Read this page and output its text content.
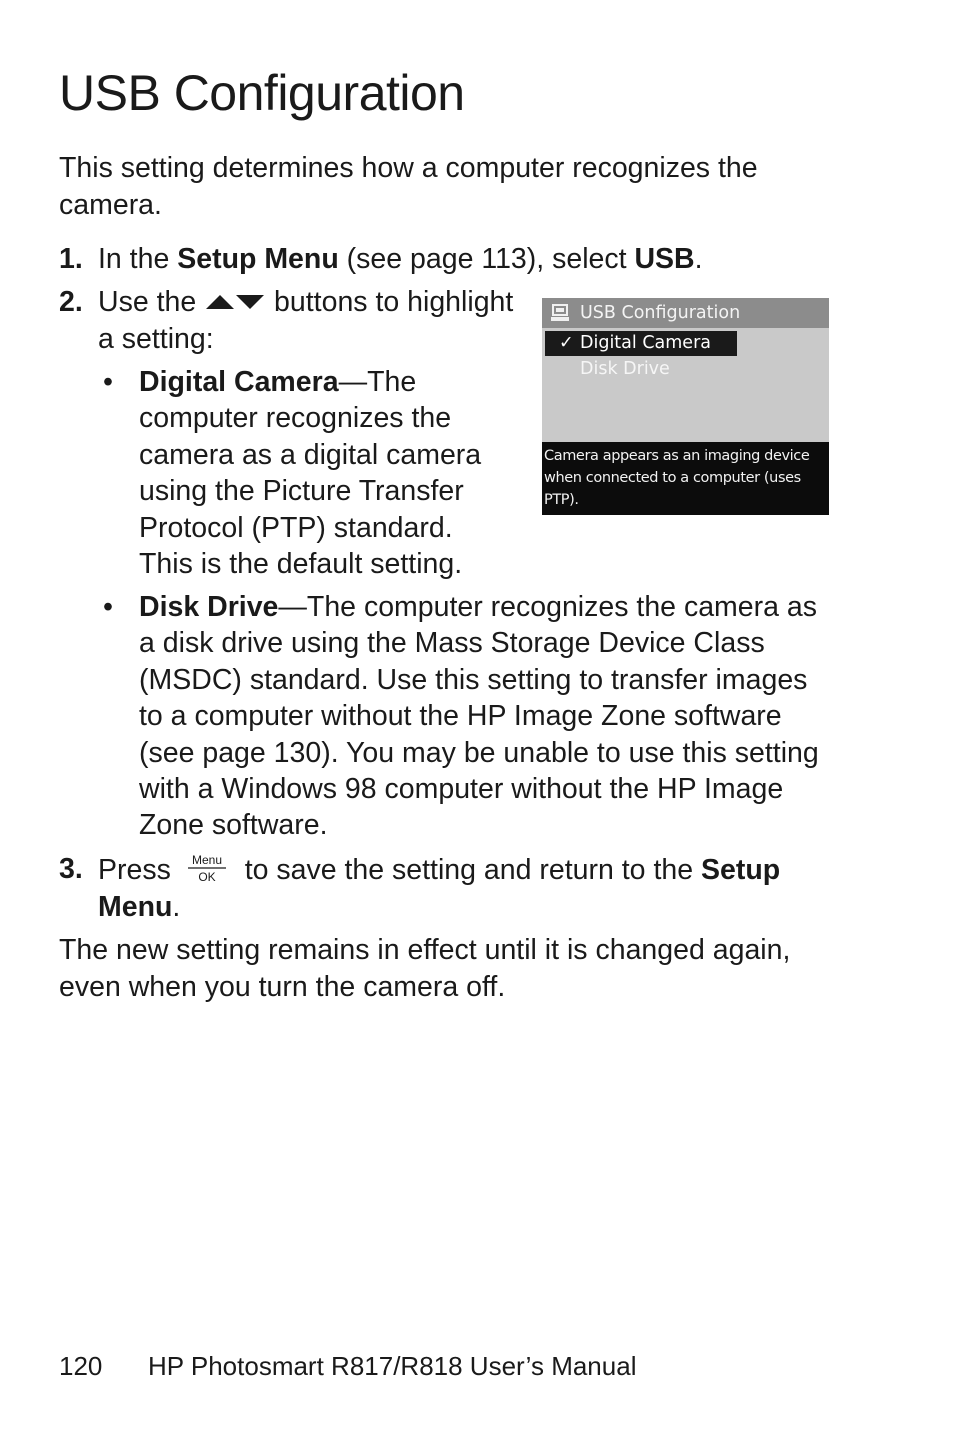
USB Configuration

This setting determines how a computer recognizes the camera.

1. In the Setup Menu (see page 113), select USB.
2. Use the  buttons to highlight a setting:
• Digital Camera—The computer recognizes the camera as a digital camera using the Picture Transfer Protocol (PTP) standard. This is the default setting.
USB Configuration
✓ Digital Camera
Disk Drive
Camera appears as an imaging device when connected to a computer (uses PTP).
• Disk Drive—The computer recognizes the camera as a disk drive using the Mass Storage Device Class (MSDC) standard. Use this setting to transfer images to a computer without the HP Image Zone software (see page 130). You may be unable to use this setting with a Windows 98 computer without the HP Image Zone software.
3. Press Menu
OK to save the setting and return to the Setup Menu.

The new setting remains in effect until it is changed again, even when you turn the camera off.

120 HP Photosmart R817/R818 User’s Manual
